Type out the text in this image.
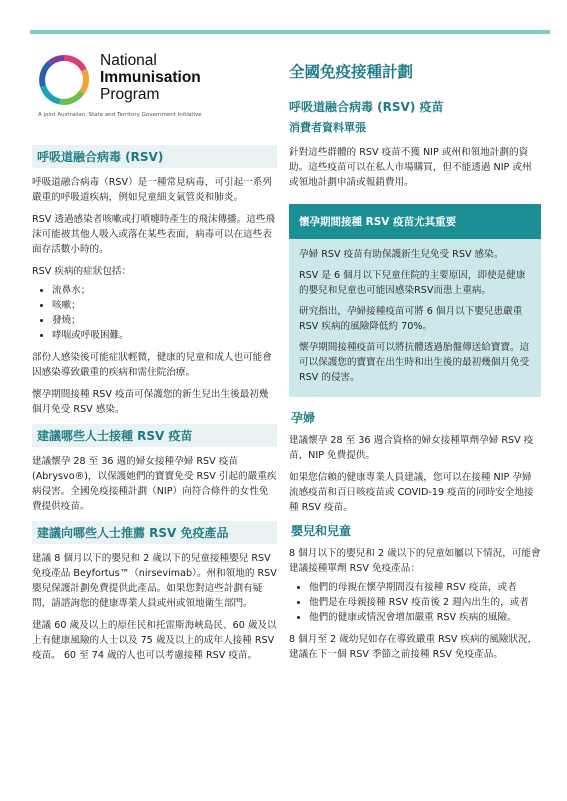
National
Immunisation
Program
A joint Australian, State and Territory Government Initiative
全國免疫接種計劃
呼吸道融合病毒 (RSV) 疫苗
消費者資料單張
呼吸道融合病毒 (RSV)

呼吸道融合病毒（RSV）是一種常見病毒，可引起一系列嚴重的呼吸道疾病，例如兒童細支氣管炎和肺炎。

RSV 透過感染者咳嗽或打噴嚏時產生的飛沫傳播。這些飛沫可能被其他人吸入或落在某些表面，病毒可以在這些表面存活數小時的。

RSV 疾病的症狀包括：

• 流鼻水；
• 咳嗽；
• 發燒；
• 哮喘或呼吸困難。

部份人感染後可能症狀輕微，健康的兒童和成人也可能會因感染導致嚴重的疾病和需住院治療。

懷孕期間接種 RSV 疫苗可保護您的新生兒出生後最初幾個月免受 RSV 感染。

建議哪些人士接種 RSV 疫苗

建議懷孕 28 至 36 週的婦女接種孕婦 RSV 疫苗 (Abrysvo®)，以保護她們的寶寶免受 RSV 引起的嚴重疾病侵害。全國免疫接種計劃（NIP）向符合條件的女性免費提供疫苗。

建議向哪些人士推薦 RSV 免疫產品

建議 8 個月以下的嬰兒和 2 歲以下的兒童接種嬰兒 RSV 免疫產品 Beyfortus™（nirsevimab）。州和領地的 RSV 嬰兒保護計劃免費提供此產品。如果您對這些計劃有疑問，請諮詢您的健康專業人員或州或領地衛生部門。

建議 60 歲及以上的原住民和托雷斯海峽島民、60 歲及以上有健康風險的人士以及 75 歲及以上的成年人接種 RSV 疫苗。 60 至 74 歲的人也可以考慮接種 RSV 疫苗。

針對這些群體的 RSV 疫苗不獲 NIP 或州和領地計劃的資助。這些疫苗可以在私人市場購買，但不能透過 NIP 或州或領地計劃申請或報銷費用。

懷孕期間接種 RSV 疫苗尤其重要

孕婦 RSV 疫苗有助保護新生兒免受 RSV 感染。

RSV 是 6 個月以下兒童住院的主要原因，即使是健康的嬰兒和兒童也可能因感染RSV而患上重病。

研究指出，孕婦接種疫苗可將 6 個月以下嬰兒患嚴重 RSV 疾病的風險降低約 70%。

懷孕期間接種疫苗可以將抗體透過胎盤傳送給寶寶。這可以保護您的寶寶在出生時和出生後的最初幾個月免受 RSV 的侵害。

孕婦

建議懷孕 28 至 36 週合資格的婦女接種單劑孕婦 RSV 疫苗，NIP 免費提供。

如果您信賴的健康專業人員建議，您可以在接種 NIP 孕婦流感疫苗和百日咳疫苗或 COVID-19 疫苗的同時安全地接種 RSV 疫苗。

嬰兒和兒童

8 個月以下的嬰兒和 2 歲以下的兒童如屬以下情況，可能會建議接種單劑 RSV 免疫產品：

• 他們的母親在懷孕期間沒有接種 RSV 疫苗，或者
• 他們是在母親接種 RSV 疫苗後 2 週內出生的，或者
• 他們的健康或情況會增加嚴重 RSV 疾病的風險。

8 個月至 2 歲幼兒如存在導致嚴重 RSV 疾病的風險狀況，建議在下一個 RSV 季節之前接種 RSV 免疫產品。
